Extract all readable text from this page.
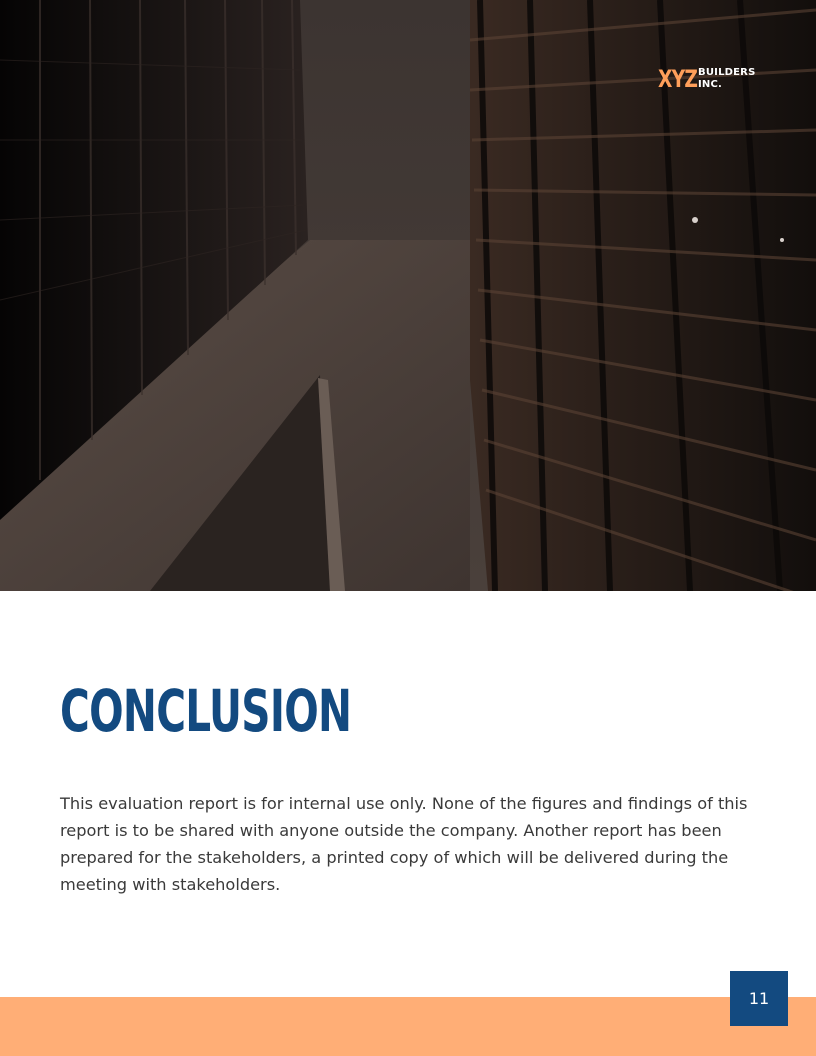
XYZ BUILDERS
INC.
CONCLUSION

This evaluation report is for internal use only. None of the figures and findings of this report is to be shared with anyone outside the company. Another report has been prepared for the stakeholders, a printed copy of which will be delivered during the meeting with stakeholders.

11
